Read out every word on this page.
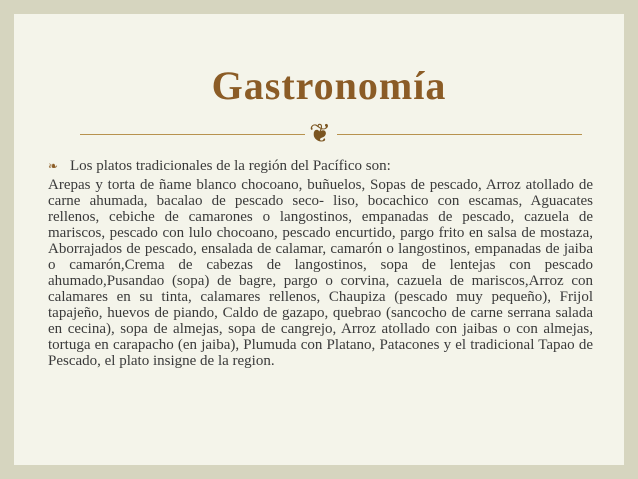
Gastronomía
❦

❧ Los platos tradicionales de la región del Pacífico son:

Arepas y torta de ñame blanco chocoano, buñuelos, Sopas de pescado, Arroz atollado de carne ahumada, bacalao de pescado seco- liso, bocachico con escamas, Aguacates rellenos, cebiche de camarones o langostinos, empanadas de pescado, cazuela de mariscos, pescado con lulo chocoano, pescado encurtido, pargo frito en salsa de mostaza, Aborrajados de pescado, ensalada de calamar, camarón o langostinos, empanadas de jaiba o camarón,Crema de cabezas de langostinos, sopa de lentejas con pescado ahumado,Pusandao (sopa) de bagre, pargo o corvina, cazuela de mariscos,Arroz con calamares en su tinta, calamares rellenos, Chaupiza (pescado muy pequeño), Frijol tapajeño, huevos de piando, Caldo de gazapo, quebrao (sancocho de carne serrana salada en cecina), sopa de almejas, sopa de cangrejo, Arroz atollado con jaibas o con almejas, tortuga en carapacho (en jaiba), Plumuda con Platano, Patacones y el tradicional Tapao de Pescado, el plato insigne de la region.
